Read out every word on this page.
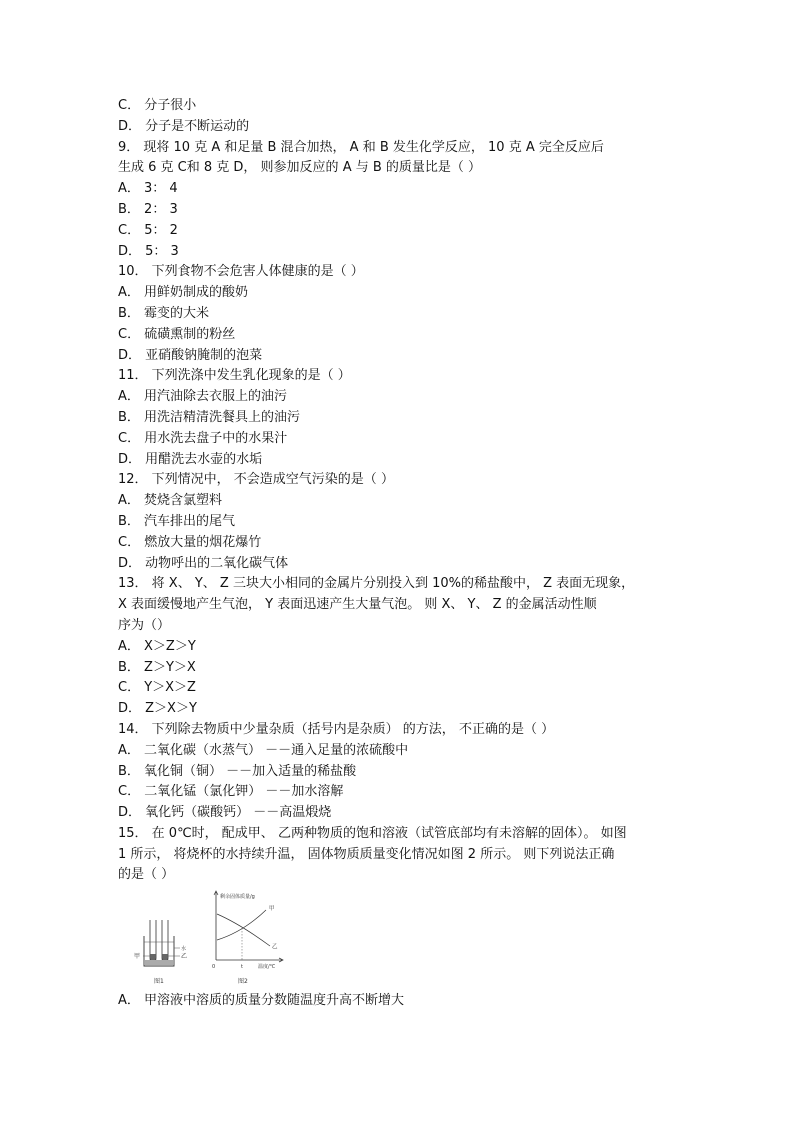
C． 分子很小
D． 分子是不断运动的
9． 现将 10 克 A 和足量 B 混合加热， A 和 B 发生化学反应， 10 克 A 完全反应后
生成 6 克 C和 8 克 D， 则参加反应的 A 与 B 的质量比是（ ）
A． 3： 4
B． 2： 3
C． 5： 2
D． 5： 3
10． 下列食物不会危害人体健康的是（ ）
A． 用鲜奶制成的酸奶
B． 霉变的大米
C． 硫磺熏制的粉丝
D． 亚硝酸钠腌制的泡菜
11． 下列洗涤中发生乳化现象的是（ ）
A． 用汽油除去衣服上的油污
B． 用洗洁精清洗餐具上的油污
C． 用水洗去盘子中的水果汁
D． 用醋洗去水壶的水垢
12． 下列情况中， 不会造成空气污染的是（ ）
A． 焚烧含氯塑料
B． 汽车排出的尾气
C． 燃放大量的烟花爆竹
D． 动物呼出的二氧化碳气体
13． 将 X、 Y、 Z 三块大小相同的金属片分别投入到 10%的稀盐酸中， Z 表面无现象，
X 表面缓慢地产生气泡， Y 表面迅速产生大量气泡。 则 X、 Y、 Z 的金属活动性顺
序为（）
A． X＞Z＞Y
B． Z＞Y＞X
C． Y＞X＞Z
D． Z＞X＞Y
14． 下列除去物质中少量杂质（括号内是杂质） 的方法， 不正确的是（ ）
A． 二氧化碳（水蒸气） －－通入足量的浓硫酸中
B． 氧化铜（铜） －－加入适量的稀盐酸
C． 二氧化锰（氯化钾） －－加水溶解
D． 氧化钙（碳酸钙） －－高温煅烧
15． 在 0℃时， 配成甲、 乙两种物质的饱和溶液（试管底部均有未溶解的固体）。 如图
1 所示， 将烧杯的水持续升温， 固体物质质量变化情况如图 2 所示。 则下列说法正确
的是（ ）
甲
水
乙
图1
剩余固体质量/g
甲
乙
0	t	温度/℃
图2
A． 甲溶液中溶质的质量分数随温度升高不断增大
